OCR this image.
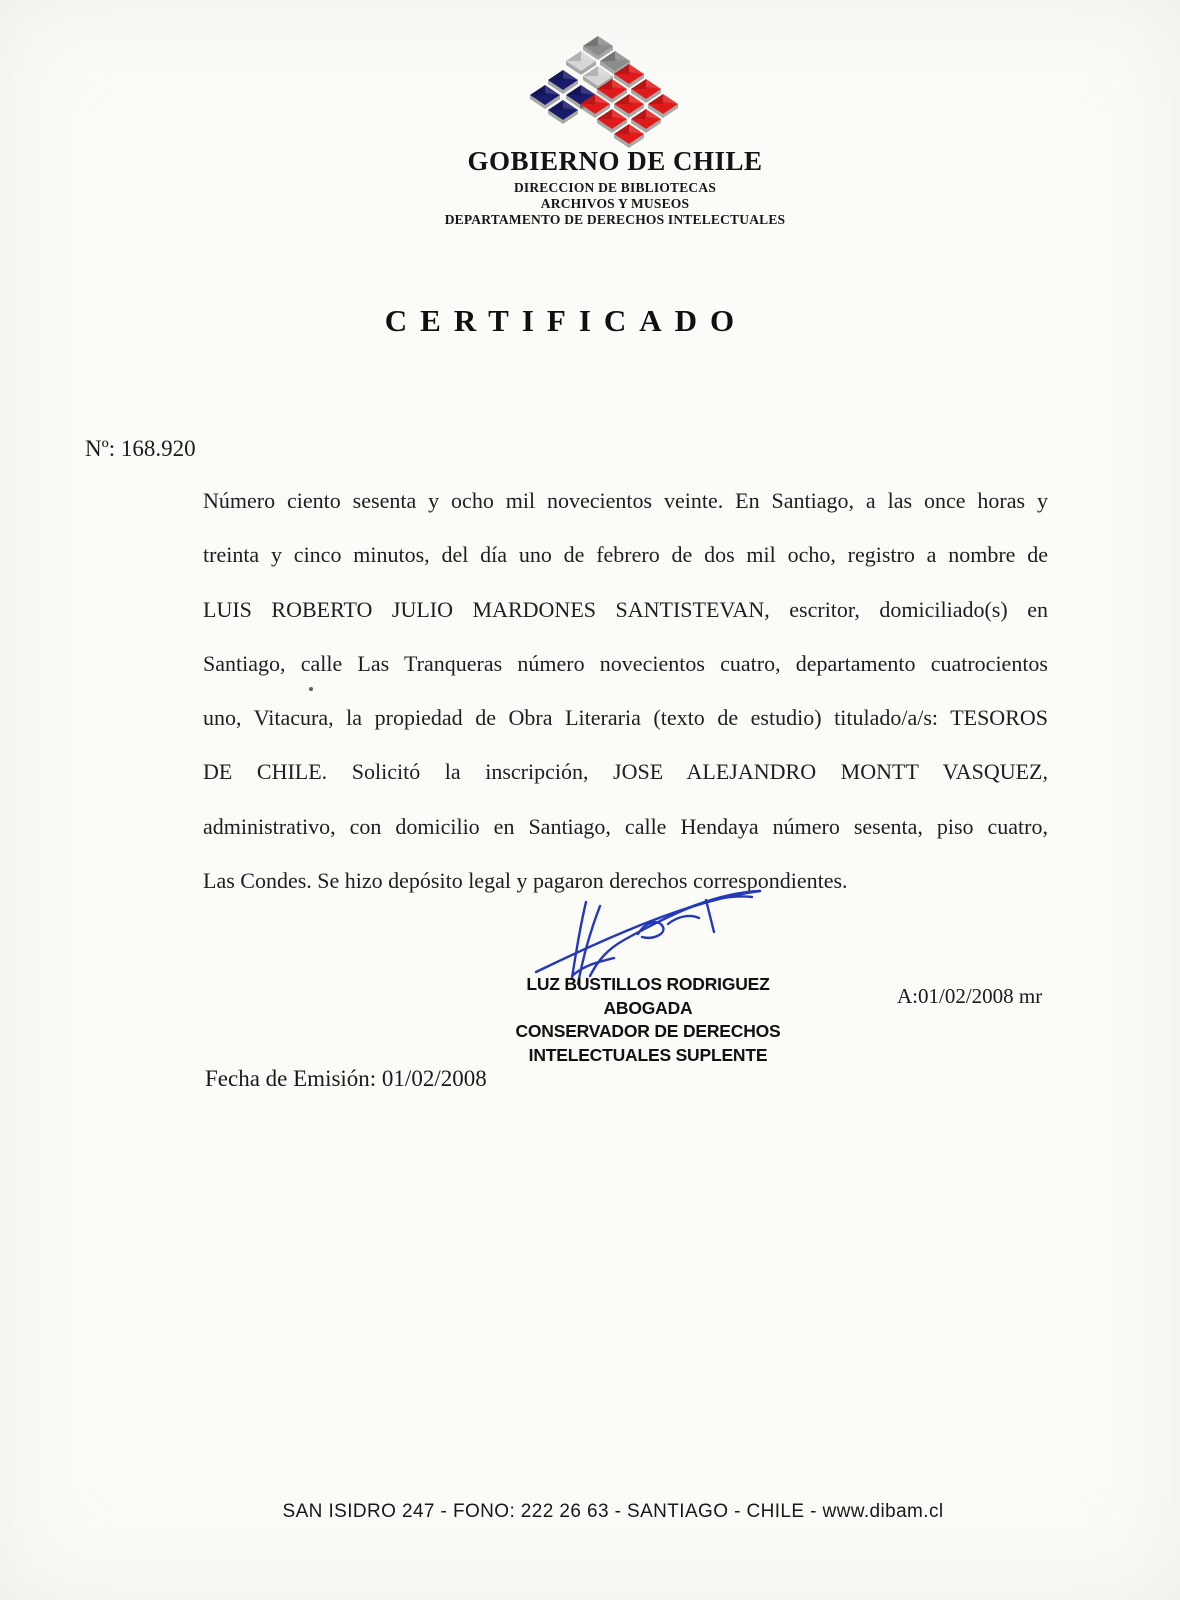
GOBIERNO DE CHILE
DIRECCION DE BIBLIOTECAS
ARCHIVOS Y MUSEOS
DEPARTAMENTO DE DERECHOS INTELECTUALES
CERTIFICADO
Nº: 168.920
Número ciento sesenta y ocho mil novecientos veinte. En Santiago, a las once horas y
treinta y cinco minutos, del día uno de febrero de dos mil ocho, registro a nombre de
LUIS ROBERTO JULIO MARDONES SANTISTEVAN, escritor, domiciliado(s) en
Santiago, calle Las Tranqueras número novecientos cuatro, departamento cuatrocientos
uno, Vitacura, la propiedad de Obra Literaria (texto de estudio) titulado/a/s: TESOROS
DE CHILE. Solicitó la inscripción, JOSE ALEJANDRO MONTT VASQUEZ,
administrativo, con domicilio en Santiago, calle Hendaya número sesenta, piso cuatro,
Las Condes. Se hizo depósito legal y pagaron derechos correspondientes.
LUZ BUSTILLOS RODRIGUEZ
ABOGADA
CONSERVADOR DE DERECHOS
INTELECTUALES SUPLENTE
A:01/02/2008 mr
Fecha de Emisión: 01/02/2008
SAN ISIDRO 247 - FONO: 222 26 63 - SANTIAGO - CHILE - www.dibam.cl
